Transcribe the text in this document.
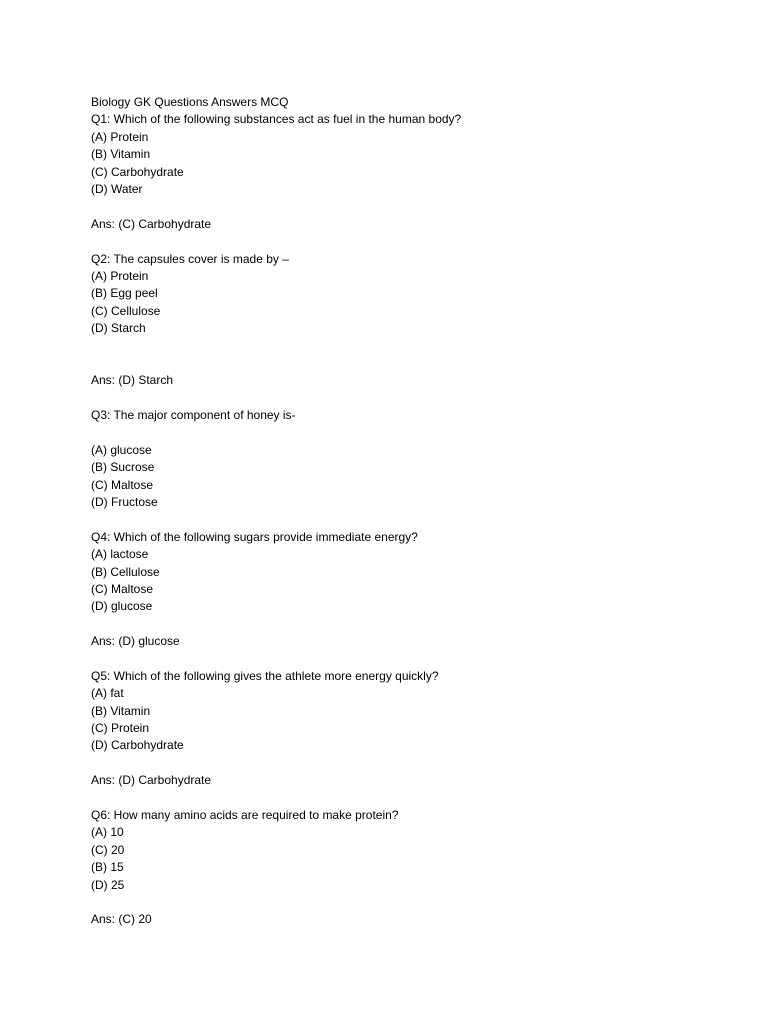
Biology GK Questions Answers MCQ
Q1: Which of the following substances act as fuel in the human body?
(A) Protein
(B) Vitamin
(C) Carbohydrate
(D) Water
Ans: (C) Carbohydrate
Q2: The capsules cover is made by –
(A) Protein
(B) Egg peel
(C) Cellulose
(D) Starch
Ans: (D) Starch
Q3: The major component of honey is-
(A) glucose
(B) Sucrose
(C) Maltose
(D) Fructose
Q4: Which of the following sugars provide immediate energy?
(A) lactose
(B) Cellulose
(C) Maltose
(D) glucose
Ans: (D) glucose
Q5: Which of the following gives the athlete more energy quickly?
(A) fat
(B) Vitamin
(C) Protein
(D) Carbohydrate
Ans: (D) Carbohydrate
Q6: How many amino acids are required to make protein?
(A) 10
(C) 20
(B) 15
(D) 25
Ans: (C) 20
